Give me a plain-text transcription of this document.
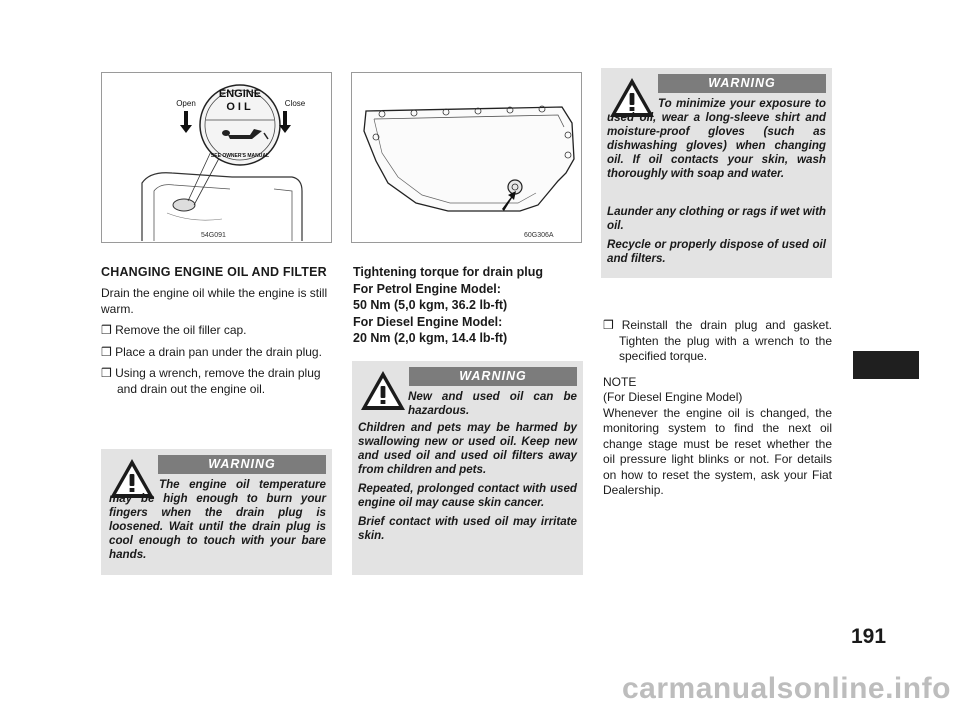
ENGINE
OIL
SEE OWNER'S MANUAL
Open	Close
54G091	60G306A
CHANGING ENGINE OIL AND FILTER
Drain the engine oil while the engine is still warm.
❒ Remove the oil filler cap.
❒ Place a drain pan under the drain plug.
❒ Using a wrench, remove the drain plug and drain out the engine oil.
WARNING
The engine oil temperature may be high enough to burn your fingers when the drain plug is loosened. Wait until the drain plug is cool enough to touch with your bare hands.
Tightening torque for drain plug
For Petrol Engine Model:
50 Nm (5,0 kgm, 36.2 lb-ft)
For Diesel Engine Model:
20 Nm (2,0 kgm, 14.4 lb-ft)
WARNING

New and used oil can be hazardous.

Children and pets may be harmed by swallowing new or used oil. Keep new and used oil and used oil filters away from children and pets.

Repeated, prolonged contact with used engine oil may cause skin cancer.

Brief contact with used oil may irritate skin.

WARNING
To minimize your exposure to used oil, wear a long-sleeve shirt and moisture-proof gloves (such as dishwashing gloves) when changing oil. If oil contacts your skin, wash thoroughly with soap and water.

Launder any clothing or rags if wet with oil.

Recycle or properly dispose of used oil and filters.

❒ Reinstall the drain plug and gasket. Tighten the plug with a wrench to the specified torque.
NOTE
(For Diesel Engine Model)
Whenever the engine oil is changed, the monitoring system to find the next oil change stage must be reset whether the oil pressure light blinks or not. For details on how to reset the system, ask your Fiat Dealership.
191
carmanualsonline.info
